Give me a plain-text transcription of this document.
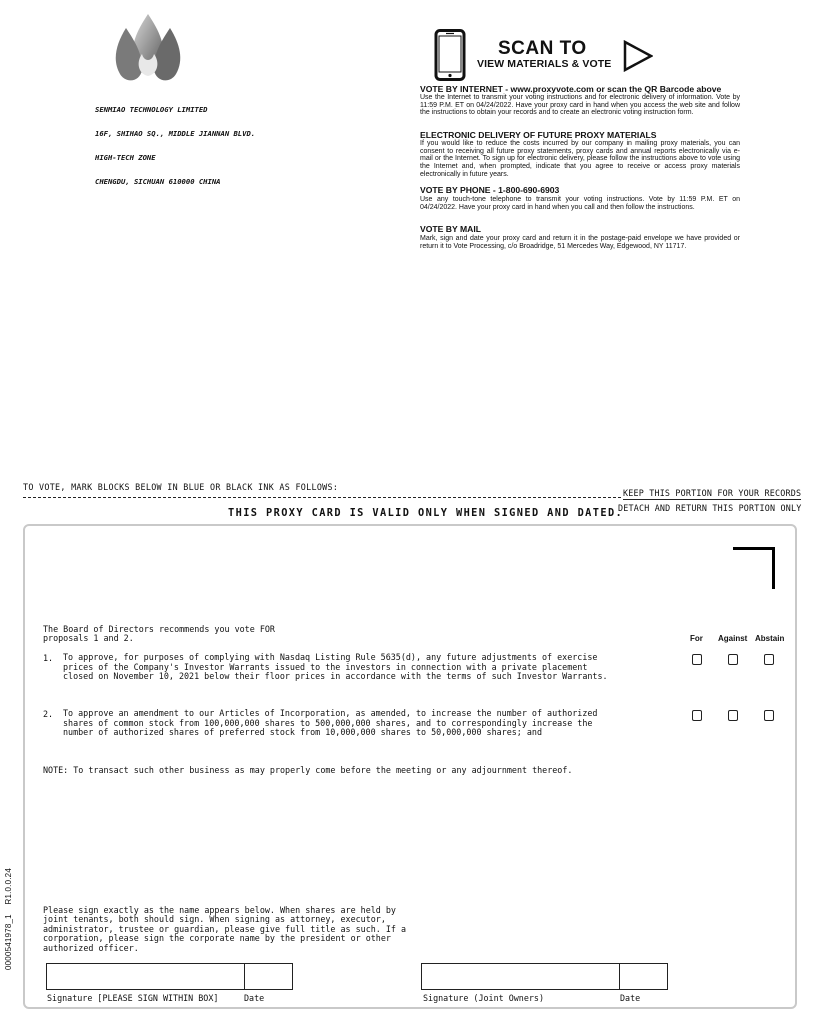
SENMIAO TECHNOLOGY LIMITED

16F, SHIHAO SQ., MIDDLE JIANNAN BLVD.

HIGH-TECH ZONE

CHENGDU, SICHUAN 610000 CHINA

SCAN TO
VIEW MATERIALS & VOTE
VOTE BY INTERNET - www.proxyvote.com or scan the QR Barcode above
Use the Internet to transmit your voting instructions and for electronic delivery of information. Vote by 11:59 P.M. ET on 04/24/2022. Have your proxy card in hand when you access the web site and follow the instructions to obtain your records and to create an electronic voting instruction form.
ELECTRONIC DELIVERY OF FUTURE PROXY MATERIALS
If you would like to reduce the costs incurred by our company in mailing proxy materials, you can consent to receiving all future proxy statements, proxy cards and annual reports electronically via e-mail or the Internet. To sign up for electronic delivery, please follow the instructions above to vote using the Internet and, when prompted, indicate that you agree to receive or access proxy materials electronically in future years.
VOTE BY PHONE - 1-800-690-6903
Use any touch-tone telephone to transmit your voting instructions. Vote by 11:59 P.M. ET on 04/24/2022. Have your proxy card in hand when you call and then follow the instructions.
VOTE BY MAIL
Mark, sign and date your proxy card and return it in the postage-paid envelope we have provided or return it to Vote Processing, c/o Broadridge, 51 Mercedes Way, Edgewood, NY 11717.
TO VOTE, MARK BLOCKS BELOW IN BLUE OR BLACK INK AS FOLLOWS:
KEEP THIS PORTION FOR YOUR RECORDS
DETACH AND RETURN THIS PORTION ONLY
THIS PROXY CARD IS VALID ONLY WHEN SIGNED AND DATED.
The Board of Directors recommends you vote FOR
proposals 1 and 2.	For Against Abstain
1. To approve, for purposes of complying with Nasdaq Listing Rule 5635(d), any future adjustments of exercise
prices of the Company's Investor Warrants issued to the investors in connection with a private placement
closed on November 10, 2021 below their floor prices in accordance with the terms of such Investor Warrants.
2. To approve an amendment to our Articles of Incorporation, as amended, to increase the number of authorized
shares of common stock from 100,000,000 shares to 500,000,000 shares, and to correspondingly increase the
number of authorized shares of preferred stock from 10,000,000 shares to 50,000,000 shares; and
NOTE: To transact such other business as may properly come before the meeting or any adjournment thereof.
Please sign exactly as the name appears below. When shares are held by
joint tenants, both should sign. When signing as attorney, executor,
administrator, trustee or guardian, please give full title as such. If a
corporation, please sign the corporate name by the president or other
authorized officer.
Signature [PLEASE SIGN WITHIN BOX]	Date	Signature (Joint Owners)	Date
0000541978_1    R1.0.0.24
